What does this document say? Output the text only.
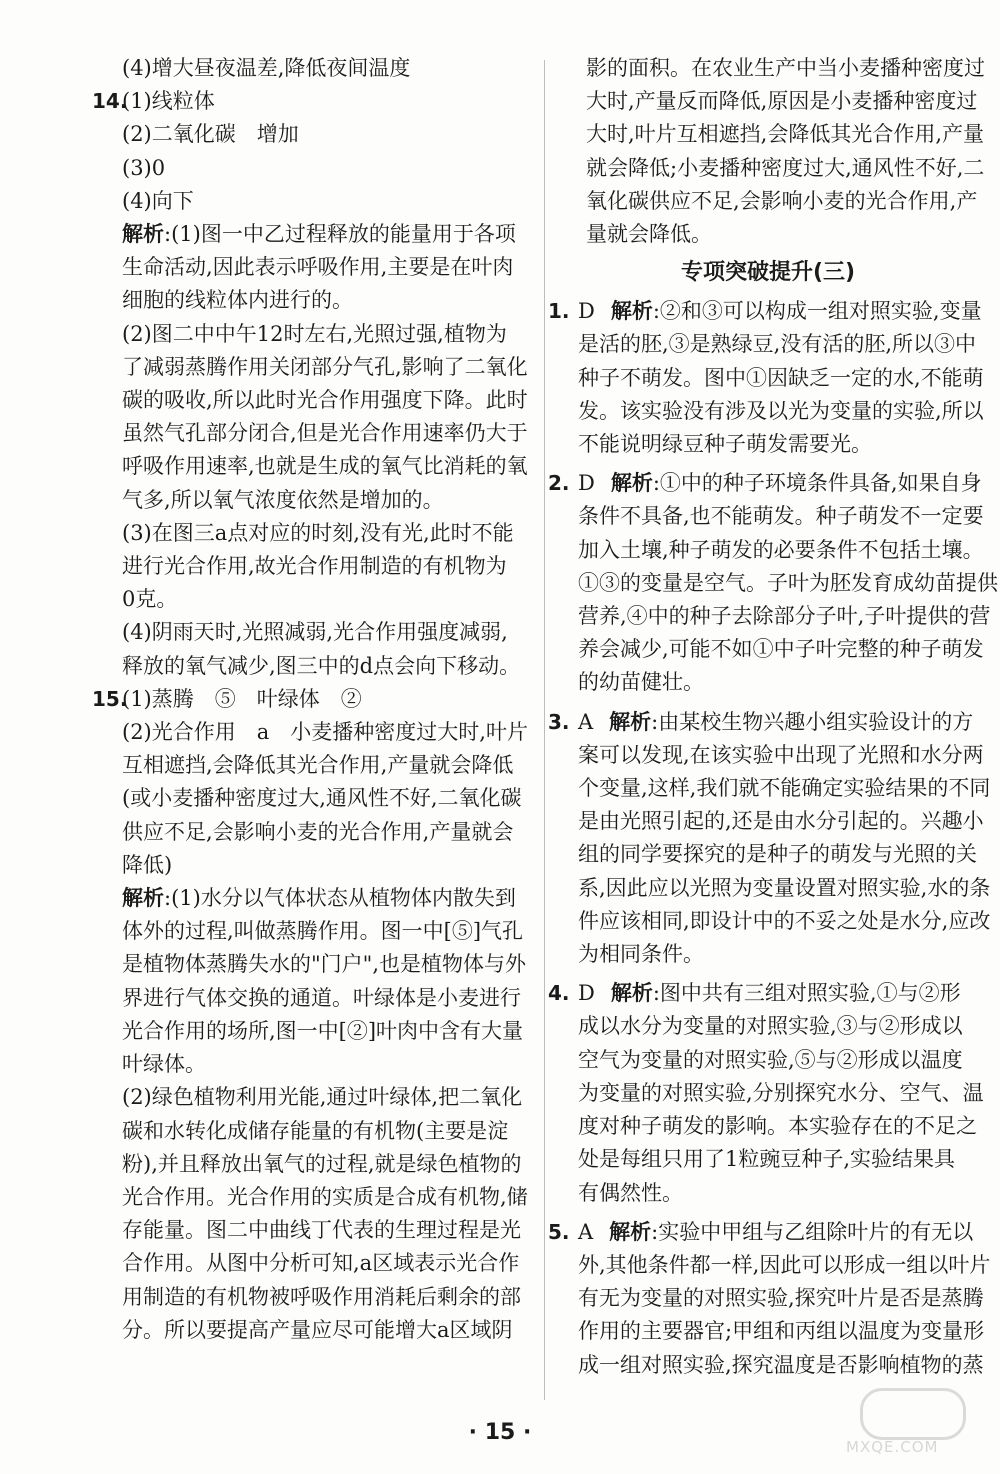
(4)增大昼夜温差,降低夜间温度
14.(1)线粒体
(2)二氧化碳　增加
(3)0
(4)向下
解析:(1)图一中乙过程释放的能量用于各项
生命活动,因此表示呼吸作用,主要是在叶肉
细胞的线粒体内进行的。
(2)图二中中午12时左右,光照过强,植物为
了减弱蒸腾作用关闭部分气孔,影响了二氧化
碳的吸收,所以此时光合作用强度下降。此时
虽然气孔部分闭合,但是光合作用速率仍大于
呼吸作用速率,也就是生成的氧气比消耗的氧
气多,所以氧气浓度依然是增加的。
(3)在图三a点对应的时刻,没有光,此时不能
进行光合作用,故光合作用制造的有机物为
0克。
(4)阴雨天时,光照减弱,光合作用强度减弱,
释放的氧气减少,图三中的d点会向下移动。
15.(1)蒸腾　⑤　叶绿体　②
(2)光合作用　a　小麦播种密度过大时,叶片
互相遮挡,会降低其光合作用,产量就会降低
(或小麦播种密度过大,通风性不好,二氧化碳
供应不足,会影响小麦的光合作用,产量就会
降低)
解析:(1)水分以气体状态从植物体内散失到
体外的过程,叫做蒸腾作用。图一中[⑤]气孔
是植物体蒸腾失水的"门户",也是植物体与外
界进行气体交换的通道。叶绿体是小麦进行
光合作用的场所,图一中[②]叶肉中含有大量
叶绿体。
(2)绿色植物利用光能,通过叶绿体,把二氧化
碳和水转化成储存能量的有机物(主要是淀
粉),并且释放出氧气的过程,就是绿色植物的
光合作用。光合作用的实质是合成有机物,储
存能量。图二中曲线丁代表的生理过程是光
合作用。从图中分析可知,a区域表示光合作
用制造的有机物被呼吸作用消耗后剩余的部
分。所以要提高产量应尽可能增大a区域阴
影的面积。在农业生产中当小麦播种密度过
大时,产量反而降低,原因是小麦播种密度过
大时,叶片互相遮挡,会降低其光合作用,产量
就会降低;小麦播种密度过大,通风性不好,二
氧化碳供应不足,会影响小麦的光合作用,产
量就会降低。
专项突破提升(三)
1. D 解析:②和③可以构成一组对照实验,变量
是活的胚,③是熟绿豆,没有活的胚,所以③中
种子不萌发。图中①因缺乏一定的水,不能萌
发。该实验没有涉及以光为变量的实验,所以
不能说明绿豆种子萌发需要光。
2. D 解析:①中的种子环境条件具备,如果自身
条件不具备,也不能萌发。种子萌发不一定要
加入土壤,种子萌发的必要条件不包括土壤。
①③的变量是空气。子叶为胚发育成幼苗提供
营养,④中的种子去除部分子叶,子叶提供的营
养会减少,可能不如①中子叶完整的种子萌发
的幼苗健壮。
3. A 解析:由某校生物兴趣小组实验设计的方
案可以发现,在该实验中出现了光照和水分两
个变量,这样,我们就不能确定实验结果的不同
是由光照引起的,还是由水分引起的。兴趣小
组的同学要探究的是种子的萌发与光照的关
系,因此应以光照为变量设置对照实验,水的条
件应该相同,即设计中的不妥之处是水分,应改
为相同条件。
4. D 解析:图中共有三组对照实验,①与②形
成以水分为变量的对照实验,③与②形成以
空气为变量的对照实验,⑤与②形成以温度
为变量的对照实验,分别探究水分、空气、温
度对种子萌发的影响。本实验存在的不足之
处是每组只用了1粒豌豆种子,实验结果具
有偶然性。
5. A 解析:实验中甲组与乙组除叶片的有无以
外,其他条件都一样,因此可以形成一组以叶片
有无为变量的对照实验,探究叶片是否是蒸腾
作用的主要器官;甲组和丙组以温度为变量形
成一组对照实验,探究温度是否影响植物的蒸
· 15 ·
MXQE.COM
